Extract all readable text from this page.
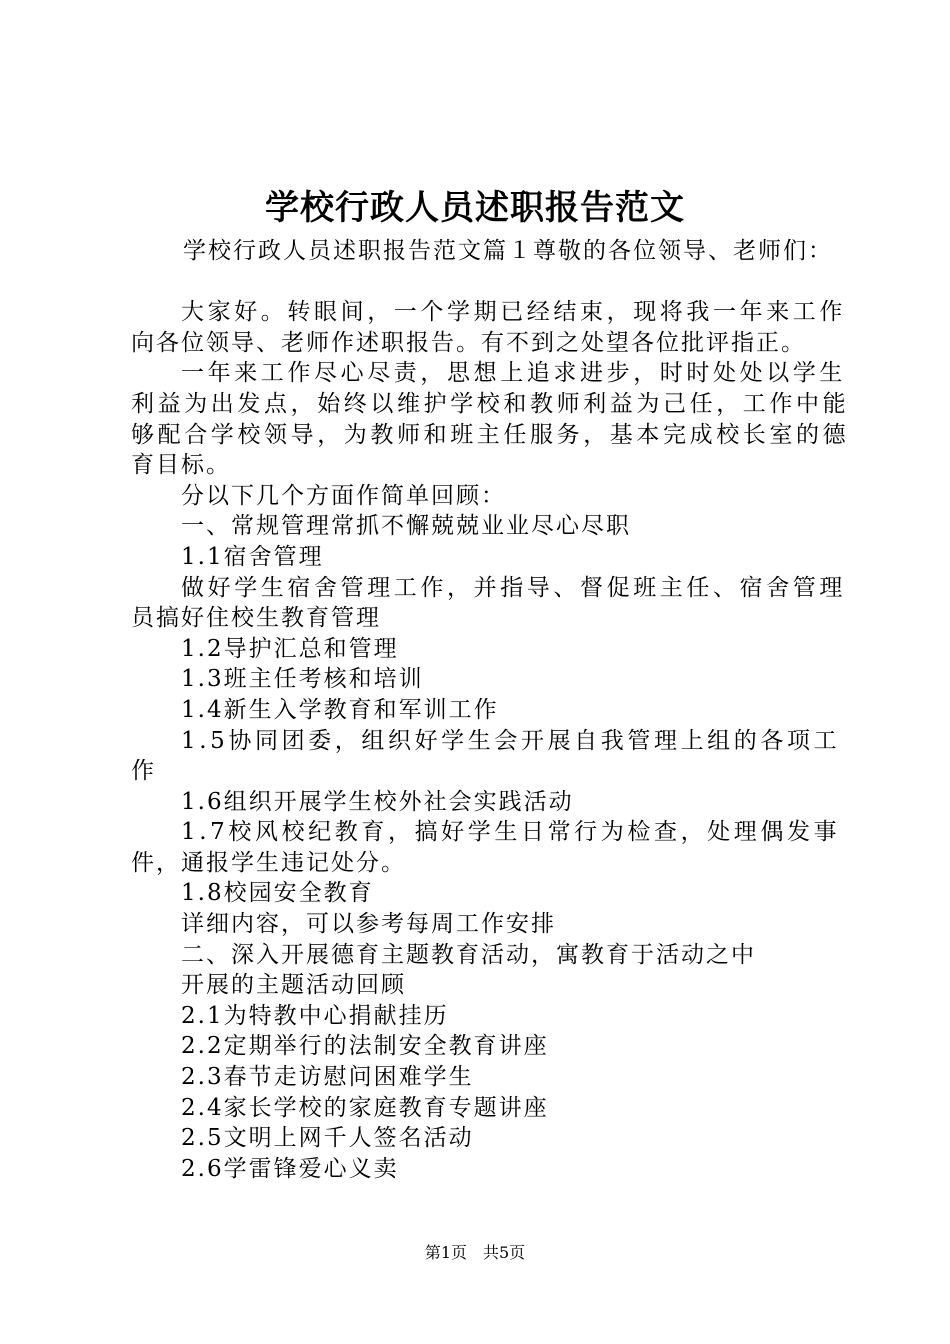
学校行政人员述职报告范文
学校行政人员述职报告范文篇１尊敬的各位领导、老师们：
大家好。转眼间，一个学期已经结束，现将我一年来工作
向各位领导、老师作述职报告。有不到之处望各位批评指正。
一年来工作尽心尽责，思想上追求进步，时时处处以学生
利益为出发点，始终以维护学校和教师利益为己任，工作中能
够配合学校领导，为教师和班主任服务，基本完成校长室的德
育目标。
分以下几个方面作简单回顾：
一、常规管理常抓不懈兢兢业业尽心尽职
1.1宿舍管理
做好学生宿舍管理工作，并指导、督促班主任、宿舍管理
员搞好住校生教育管理
1.2导护汇总和管理
1.3班主任考核和培训
1.4新生入学教育和军训工作
1.5协同团委，组织好学生会开展自我管理上组的各项工
作
1.6组织开展学生校外社会实践活动
1.7校风校纪教育，搞好学生日常行为检查，处理偶发事
件，通报学生违记处分。
1.8校园安全教育
详细内容，可以参考每周工作安排
二、深入开展德育主题教育活动，寓教育于活动之中
开展的主题活动回顾
2.1为特教中心捐献挂历
2.2定期举行的法制安全教育讲座
2.3春节走访慰问困难学生
2.4家长学校的家庭教育专题讲座
2.5文明上网千人签名活动
2.6学雷锋爱心义卖
第1页　共5页
